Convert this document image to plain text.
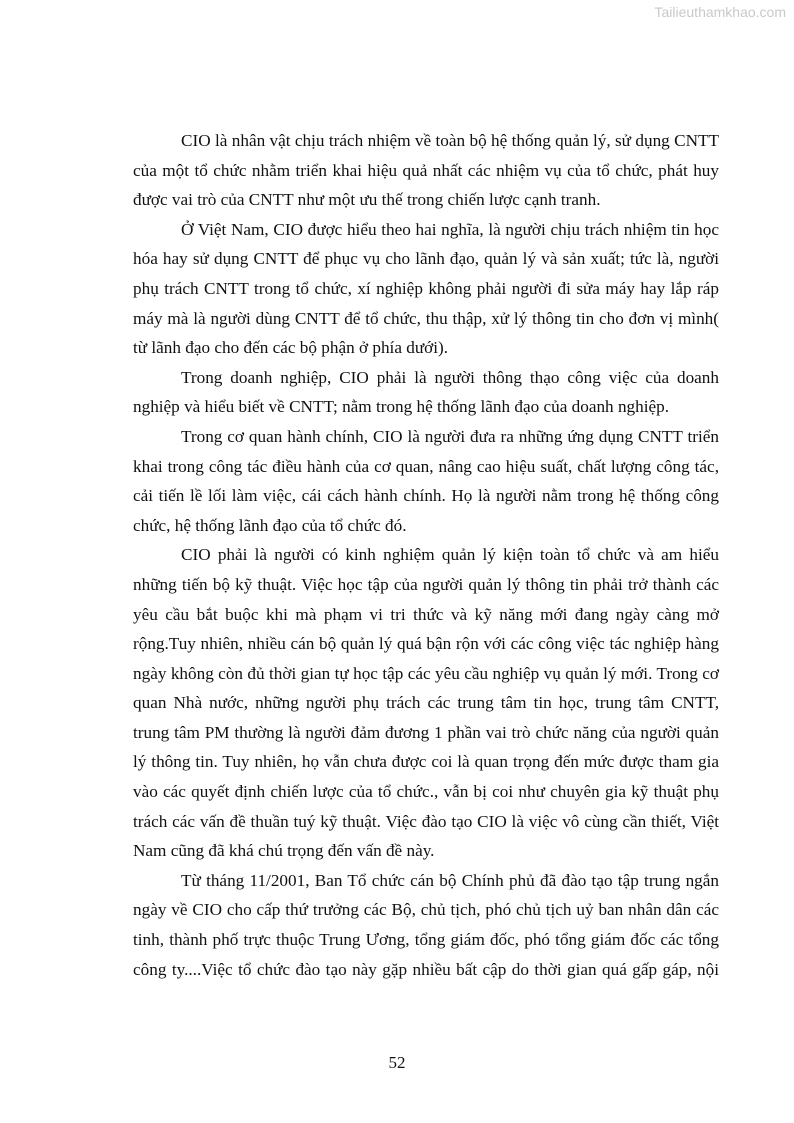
Tailieuthamkhao.com

CIO là nhân vật chịu trách nhiệm về toàn bộ hệ thống quản lý, sử dụng CNTT của một tổ chức nhằm triển khai hiệu quả nhất các nhiệm vụ của tổ chức, phát huy được vai trò của CNTT như một ưu thế trong chiến lược cạnh tranh.

Ở Việt Nam, CIO được hiểu theo hai nghĩa, là người chịu trách nhiệm tin học hóa hay sử dụng CNTT để phục vụ cho lãnh đạo, quản lý và sản xuất; tức là, người phụ trách CNTT trong tổ chức, xí nghiệp không phải người đi sửa máy hay lắp ráp máy mà là người dùng CNTT để tổ chức, thu thập, xử lý thông tin cho đơn vị mình( từ lãnh đạo cho đến các bộ phận ở phía dưới).

Trong doanh nghiệp, CIO phải là người thông thạo công việc của doanh nghiệp và hiểu biết về CNTT; nằm trong hệ thống lãnh đạo của doanh nghiệp.

Trong cơ quan hành chính, CIO là người đưa ra những ứng dụng CNTT triển khai trong công tác điều hành của cơ quan, nâng cao hiệu suất, chất lượng công tác, cải tiến lề lối làm việc, cái cách hành chính. Họ là người nằm trong hệ thống công chức, hệ thống lãnh đạo của tổ chức đó.

CIO phải là người có kinh nghiệm quản lý kiện toàn tổ chức và am hiểu những tiến bộ kỹ thuật. Việc học tập của người quản lý thông tin phải trở thành các yêu cầu bắt buộc khi mà phạm vi tri thức và kỹ năng mới đang ngày càng mở rộng.Tuy nhiên, nhiều cán bộ quản lý quá bận rộn với các công việc tác nghiệp hàng ngày không còn đủ thời gian tự học tập các yêu cầu nghiệp vụ quản lý mới. Trong cơ quan Nhà nước, những người phụ trách các trung tâm tin học, trung tâm CNTT, trung tâm PM thường là người đảm đương 1 phần vai trò chức năng của người quản lý thông tin. Tuy nhiên, họ vẫn chưa được coi là quan trọng đến mức được tham gia vào các quyết định chiến lược của tổ chức., vẫn bị coi như chuyên gia kỹ thuật phụ trách các vấn đề thuần tuý kỹ thuật. Việc đào tạo CIO là việc vô cùng cần thiết, Việt Nam cũng đã khá chú trọng đến vấn đề này.

Từ tháng 11/2001, Ban Tổ chức cán bộ Chính phủ đã đào tạo tập trung ngắn ngày về CIO cho cấp thứ trưởng các Bộ, chủ tịch, phó chủ tịch uỷ ban nhân dân các tinh, thành phố trực thuộc Trung Ương, tổng giám đốc, phó tổng giám đốc các tổng công ty....Việc tổ chức đào tạo này gặp nhiều bất cập do thời gian quá gấp gáp, nội

52
